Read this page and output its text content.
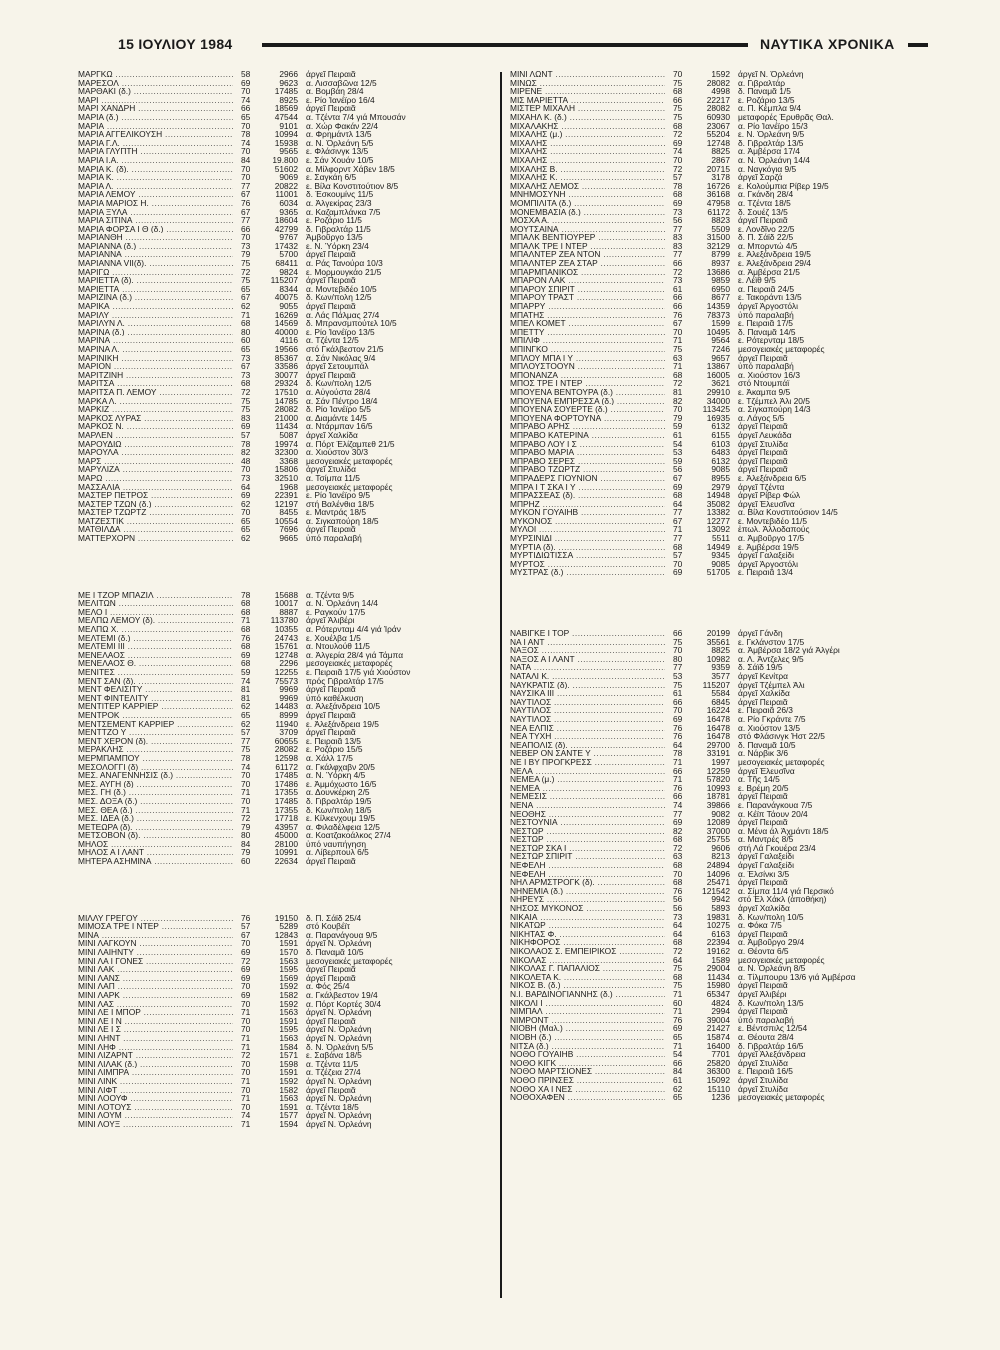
15 ΙΟΥΛΙΟΥ 1984	ΝΑΥΤΙΚΑ ΧΡΟΝΙΚΑ
ΜΑΡΓΚΩ .....	58	2966 άργεῖ Πειραιᾶ
ΜΑΡΕΣΟΛ .....	69	9623 α. Λισσαβῶνα 12/5
ΜΑΡΘΑΚΙ (δ.) .....	70	17485 α. Βομβάη 28/4
ΜΑΡΙ .....	74	8925 ε. Ρίο Ἰανέϊρο 16/4
ΜΑΡΙ ΧΑΝΔΡΗ .....	66	18569 άργεῖ Πειραιᾶ
ΜΑΡΙΑ (δ.) .....	65	47544 α. Τζέντα 7/4 γιά Μπουσάν
ΜΑΡΙΑ .....	70	9101 α. Χώρ Φακάν 22/4
ΜΑΡΙΑ ΑΓΓΕΛΙΚΟΥΣΗ .....	78	10994 α. Φρημάντλ 13/5
ΜΑΡΙΑ Γ.Λ. .....	74	15938 α. Ν. Ὀρλεάνη 5/5
ΜΑΡΙΑ ΓΛΥΠΤΗ .....	70	9565 ε. Φλάσινγκ 13/5
ΜΑΡΙΑ Ι.Α. .....	84	19.800 ε. Σάν Χουάν 10/5
ΜΑΡΙΑ Κ. (δ). .....	70	51602 α. Μίλφορντ Χάβεν 18/5
ΜΑΡΙΑ Κ. .....	70	9069 ε. Σαγκάη 6/5
ΜΑΡΙΑ Λ. .....	77	20822 ε. Βίλα Κονστιτούτιον 8/5
ΜΑΡΙΑ ΛΕΜΟΥ .....	67	11001 δ. Ἐσκουμίνς 11/5
ΜΑΡΙΑ ΜΑΡΙΟΣ Η. .....	76	6034 α. Ἀλγεκίρας 23/3
ΜΑΡΙΑ ΞΥΛΑ .....	67	9365 α. Καζαμπλάνκα 7/5
ΜΑΡΙΑ ΣΙΤΙΝΑ .....	77	18604 ε. Ροζάριο 11/5
ΜΑΡΙΑ ΦΟΡΣΑ Ι Θ (δ.) .....	66	42799 δ. Γιβραλτάρ 11/5
ΜΑΡΙΑΝΘΗ .....	70	9767 Ἀμβοῦργο 13/5
ΜΑΡΙΑΝΝΑ (δ.) .....	73	17432 ε. Ν. Ὑόρκη 23/4
ΜΑΡΙΑΝΝΑ .....	79	5700 άργεῖ Πειραιᾶ
ΜΑΡΙΑΝΝΑ VII(δ). .....	75	68411 α. Ράς Τανούρα 10/3
ΜΑΡΙΓΩ .....	72	9824 ε. Μορμουγκάο 21/5
ΜΑΡΙΕΤΤΑ (δ). .....	75	115207 άργεῖ Πειραιᾶ
ΜΑΡΙΕΤΤΑ .....	65	8344 α. Μοντεβιδέο 10/5
ΜΑΡΙΖΙΝΑ (δ.) .....	67	40075 δ. Κων/πολη 12/5
ΜΑΡΙΚΑ .....	62	9055 άργεῖ Πειραιᾶ
ΜΑΡΙΛΥ .....	71	16269 α. Λάς Πάλμας 27/4
ΜΑΡΙΛΥΝ Λ. .....	68	14569 δ. Μπρανσμπούτελ 10/5
ΜΑΡΙΝΑ (δ.) .....	80	40000 ε. Ρίο Ἰανέϊρο 13/5
ΜΑΡΙΝΑ .....	60	4116 α. Τζέντα 12/5
ΜΑΡΙΝΑ Λ. .....	65	19566 στό Γκάλβεστον 21/5
ΜΑΡΙΝΙΚΗ .....	73	85367 α. Σάν Νικόλας 9/4
ΜΑΡΙΟΝ .....	67	33586 άργεῖ Σετουμπάλ
ΜΑΡΙΤΖΙΝΗ .....	73	30077 άργεῖ Πειραιᾶ
ΜΑΡΙΤΣΑ .....	68	29324 δ. Κων/πολη 12/5
ΜΑΡΙΤΣΑ Π. ΛΕΜΟΥ .....	72	17510 α. Αὐγούστα 28/4
ΜΑΡΚΑ Λ. .....	75	14785 α. Σάν Πέντρο 18/4
ΜΑΡΚΙΖ .....	75	28082 δ. Ρίο Ἰανέϊρο 5/5
ΜΑΡΚΟΣ ΛΥΡΑΣ .....	83	21000 α. Διαμάντε 14/5
ΜΑΡΚΟΣ Ν. .....	69	11434 α. Ντάρμπαν 16/5
ΜΑΡΛΕΝ .....	57	5087 άργεῖ Χαλκίδα
ΜΑΡΟΥΔΙΩ .....	78	19974 α. Πόρτ Ἐλίζαμπεθ 21/5
ΜΑΡΟΥΛΑ .....	82	32300 α. Χιούστον 30/3
ΜΑΡΣ .....	48	3368 μεσογειακές μεταφορές
ΜΑΡΥΛΙΖΑ .....	70	15806 άργεῖ Στυλίδα
ΜΑΡΩ .....	73	32510 α. Τσίμπα 11/5
ΜΑΣΣΑΛΙΑ .....	64	1968 μεσογειακές μεταφορές
ΜΑΣΤΕΡ ΠΕΤΡΟΣ .....	69	22391 ε. Ρίο Ἰανέϊρο 9/5
ΜΑΣΤΕΡ ΤΖΩΝ (δ.) .....	62	12197 στή Βαλένθια 18/5
ΜΑΣΤΕΡ ΤΖΩΡΤΖ .....	70	8455 ε. Μαντράς 18/5
ΜΑΤΖΕΣΤΙΚ .....	65	10554 α. Σιγκαπούρη 18/5
ΜΑΤΘΙΛΔΑ .....	65	7696 άργεῖ Πειραιᾶ
ΜΑΤΤΕΡΧΟΡΝ .....	62	9665 ὑπό παραλαβή
ΜΕ Ι ΤΖΟΡ ΜΠΑΖΙΛ .....	78	15688 α. Τζέντα 9/5
ΜΕΛΙΤΩΝ .....	68	10017 α. Ν. Ὀρλεάνη 14/4
ΜΕΛΟ Ι .....	68	8887 ε. Ραγκούν 17/5
ΜΕΛΠΩ ΛΕΜΟΥ (δ). .....	71	113780 άργεῖ Ἀλιβέρι
ΜΕΛΠΩ Χ. .....	68	10355 α. Ρότερνταμ 4/4 γιά Ἰράν
ΜΕΛΤΕΜΙ (δ.) .....	76	24743 ε. Χουέλβα 1/5
ΜΕΛΤΕΜΙ ΙΙΙ .....	68	15761 α. Ντουλούθ 11/5
ΜΕΝΕΛΑΟΣ .....	69	12748 α. Ἀλγερία 28/4 γιά Τάμπα
ΜΕΝΕΛΑΟΣ Θ. .....	68	2296 μεσογειακές μεταφορές
ΜΕΝΙΤΕΣ .....	59	12255 ε. Πειραιᾶ 17/5 γιά Χιούστον
ΜΕΝΤ ΣΑΝ (δ). .....	74	75573 πρός Γιβραλτάρ 17/5
ΜΕΝΤ ΦΕΛΙΣΙΤΥ .....	81	9969 άργεῖ Πειραιᾶ
ΜΕΝΤ ΦΙΝΤΕΛΙΤΥ .....	81	9969 ὑπό καθέλκυση
ΜΕΝΤΙΤΕΡ ΚΑΡΡΙΕΡ .....	62	14483 α. Ἀλεξάνδρεια 10/5
ΜΕΝΤΡΟΚ .....	65	8999 άργεῖ Πειραιᾶ
ΜΕΝΤΣΕΜΕΝΤ ΚΑΡΡΙΕΡ .....	62	11940 ε. Ἀλεξάνδρεια 19/5
ΜΕΝΤΤΖΟ Υ .....	57	3709 άργεῖ Πειραιᾶ
ΜΕΝΤ ΧΕΡΟΝ (δ). .....	77	60655 ε. Πειραιᾶ 13/5
ΜΕΡΑΚΛΗΣ .....	75	28082 ε. Ροζάριο 15/5
ΜΕΡΜΠΑΜΠΟΥ .....	78	12598 α. Χάλλ 17/5
ΜΕΣΟΛΟΓΓΙ (δ) .....	74	61172 α. Γκάλφχαβν 20/5
ΜΕΣ. ΑΝΑΓΕΝΝΗΣΙΣ (δ.) .....	70	17485 α. Ν. Ὑόρκη 4/5
ΜΕΣ. ΑΥΓΗ (δ) .....	70	17486 ε. Ἀμμόχωστο 16/5
ΜΕΣ. ΓΗ (δ.) .....	71	17355 α. Δουνκέρκη 2/5
ΜΕΣ. ΔΟΞΑ (δ.) .....	70	17485 δ. Γιβραλτάρ 19/5
ΜΕΣ. ΘΕΑ (δ.) .....	71	17355 δ. Κων/πολη 18/5
ΜΕΣ. ΙΔΕΑ (δ.) .....	72	17718 ε. Κίλκενχουμ 19/5
ΜΕΤΕΩΡΑ (δ). .....	79	43957 α. Φιλαδέλφεια 12/5
ΜΕΤΣΟΒΟΝ (δ). .....	80	45000 α. Κοατζακοάλκος 27/4
ΜΗΛΟΣ .....	84	28100 ὑπό ναυπήγηση
ΜΗΛΟΣ Α Ι ΛΑΝΤ .....	79	10991 α. Λίβερπουλ 6/5
ΜΗΤΕΡΑ ΑΣΗΜΙΝΑ .....	60	22634 άργεῖ Πειραιᾶ
ΜΙΛΛΥ ΓΡΕΓΟΥ .....	76	19150 δ. Π. Σάϊδ 25/4
ΜΙΜΟΣΑ ΤΡΕ Ι ΝΤΕΡ .....	57	5289 στό Κουβέϊτ
ΜΙΝΑ .....	67	12843 α. Παρανάγουα 9/5
ΜΙΝΙ ΛΑΓΚΟΥΝ .....	70	1591 άργεῖ Ν. Ὀρλεάνη
ΜΙΝΙ ΛΑΙΗΝΤΥ .....	69	1570 δ. Παναμᾶ 10/5
ΜΙΝΙ ΛΑ Ι ΓΟΝΕΣ .....	72	1563 μεσογειακές μεταφορές
ΜΙΝΙ ΛΑΚ .....	69	1595 άργεῖ Πειραιᾶ
ΜΙΝΙ ΛΑΝΣ .....	69	1569 άργεῖ Πειραιᾶ
ΜΙΝΙ ΛΑΠ .....	70	1592 α. Φός 25/4
ΜΙΝΙ ΛΑΡΚ .....	69	1582 α. Γκάλβεστον 19/4
ΜΙΝΙ ΛΑΣ .....	70	1592 α. Πόρτ Κορτές 30/4
ΜΙΝΙ ΛΕ Ι ΜΠΟΡ .....	71	1563 άργεῖ Ν. Ὀρλεάνη
ΜΙΝΙ ΛΕ Ι Ν .....	70	1591 άργεῖ Πειραιᾶ
ΜΙΝΙ ΛΕ Ι Σ .....	70	1595 άργεῖ Ν. Ὀρλεάνη
ΜΙΝΙ ΛΗΝΤ .....	71	1563 άργεῖ Ν. Ὀρλεάνη
ΜΙΝΙ ΛΗΦ .....	71	1584 δ. Ν. Ὀρλεάνη 5/5
ΜΙΝΙ ΛΙΖΑΡΝΤ .....	72	1571 ε. Σαβάνα 18/5
ΜΙΝΙ ΛΙΛΑΚ (δ.) .....	70	1598 α. Τζέντα 11/5
ΜΙΝΙ ΛΙΜΠΡΑ .....	70	1591 α. Τζέζεια 27/4
ΜΙΝΙ ΛΙΝΚ .....	71	1592 άργεῖ Ν. Ὀρλεάνη
ΜΙΝΙ ΛΙΦΤ .....	70	1582 άργεῖ Πειραιᾶ
ΜΙΝΙ ΛΟΟΥΦ .....	71	1563 άργεῖ Ν. Ὀρλεάνη
ΜΙΝΙ ΛΟΤΟΥΣ .....	70	1591 α. Τζέντα 18/5
ΜΙΝΙ ΛΟΥΜ .....	74	1577 άργεῖ Ν. Ὀρλεάνη
ΜΙΝΙ ΛΟΥΞ .....	71	1594 άργεῖ Ν. Ὀρλεάνη
ΜΙΝΙ ΛΩΝΤ .....	70	1592 άργεῖ Ν. Ὀρλεάνη
ΜΙΝΩΣ .....	75	28082 α. Γιβραλτάρ
ΜΙΡΕΝΕ .....	68	4998 δ. Παναμᾶ 1/5
ΜΙΣ ΜΑΡΙΕΤΤΑ .....	66	22217 ε. Ροζάριο 13/5
ΜΙΣΤΕΡ ΜΙΧΑΛΗ .....	75	28082 α. Π. Κέμπλα 9/4
ΜΙΧΑΗΛ Κ. (δ.) .....	75	60930 μεταφορές Ἐρυθρᾶς Θαλ.
ΜΙΧΑΛΑΚΗΣ .....	68	23067 α. Ρίο Ἰανέϊρο 15/3
ΜΙΧΑΛΗΣ (μ.) .....	72	55204 ε. Ν. Ὀρλεάνη 9/5
ΜΙΧΑΛΗΣ .....	69	12748 δ. Γιβραλτάρ 13/5
ΜΙΧΑΛΗΣ .....	74	8825 α. Ἀμβέρσα 17/4
ΜΙΧΑΛΗΣ .....	70	2867 α. Ν. Ὀρλεάνη 14/4
ΜΙΧΑΛΗΣ Β. .....	72	20715 α. Ναγκόγια 9/5
ΜΙΧΑΛΗΣ Κ. .....	57	3178 άργεῖ Σαρζά
ΜΙΧΑΛΗΣ ΛΕΜΟΣ .....	78	16726 ε. Κολούμπια Ρίβερ 19/5
ΜΝΗΜΟΣΥΝΗ .....	68	36168 α. Γκάνδη 28/4
ΜΟΜΠΙΛΙΤΑ (δ.) .....	69	47958 α. Τζέντα 18/5
ΜΟΝΕΜΒΑΣΙΑ (δ.) .....	73	61172 δ. Σουέζ 13/5
ΜΟΣΧΑ Α. .....	56	8823 άργεῖ Πειραιᾶ
ΜΟΥΤΣΑΙΝΑ .....	77	5509 ε. Λονδῖνο 22/5
ΜΠΑΛΚ ΒΕΝΤΙΟΥΡΕΡ .....	83	31500 δ. Π. Σάϊδ 22/5
ΜΠΑΛΚ ΤΡΕ Ι ΝΤΕΡ .....	83	32129 α. Μπορντώ 4/5
ΜΠΑΛΝΤΕΡ ΖΕΑ ΝΤΟΝ .....	77	8799 ε. Ἀλεξάνδρεια 19/5
ΜΠΑΛΝΤΕΡ ΖΕΑ ΣΤΑΡ .....	66	8937 ε. Ἀλεξάνδρεια 29/4
ΜΠΑΡΜΠΑΝΙΚΟΣ .....	72	13686 α. Ἀμβέρσα 21/5
ΜΠΑΡΟΝ ΛΑΚ .....	73	9859 ε. Λέϊθ 9/5
ΜΠΑΡΟΥ ΣΠΙΡΙΤ .....	61	6950 α. Πειραιᾶ 24/5
ΜΠΑΡΟΥ ΤΡΑΣΤ .....	66	8677 ε. Τακοράντι 13/5
ΜΠΑΡΡΥ .....	66	14359 άργεῖ Ἀργοστόλι
ΜΠΑΤΗΣ .....	76	78373 ὑπό παραλαβή
ΜΠΕΛ ΚΟΜΕΤ .....	67	1599 ε. Πειραιᾶ 17/5
ΜΠΕΤΤΥ .....	70	10495 δ. Παναμᾶ 14/5
ΜΠΙΛΙΦ .....	71	9564 ε. Ρότερνταμ 18/5
ΜΠΙΝΓΚΟ .....	75	7246 μεσογειακές μεταφορές
ΜΠΛΟΥ ΜΠΑ Ι Υ .....	63	9657 άργεῖ Πειραιᾶ
ΜΠΛΟΥΣΤΟΟΥΝ .....	71	13867 ὑπό παραλαβή
ΜΠΟΝΑΝΖΑ .....	68	16005 α. Χιούστον 16/3
ΜΠΟΣ ΤΡΕ Ι ΝΤΕΡ .....	72	3621 στό Ντουμπάϊ
ΜΠΟΥΕΝΑ ΒΕΝΤΟΥΡΑ (δ.) .....	81	29910 ε. Ἀκαμπα 9/5
ΜΠΟΥΕΝΑ ΕΜΠΡΕΣΣΑ (δ.) .....	82	34000 ε. Τζέμπελ Ἀλι 20/5
ΜΠΟΥΕΝΑ ΣΟΥΕΡΤΕ (δ.) .....	70	113425 α. Σιγκαπούρη 14/3
ΜΠΟΥΕΝΑ ΦΟΡΤΟΥΝΑ .....	79	16935 α. Λάγος 5/5
ΜΠΡΑΒΟ ΑΡΗΣ .....	59	6132 άργεῖ Πειραιᾶ
ΜΠΡΑΒΟ ΚΑΤΕΡΙΝΑ .....	61	6155 άργεῖ Λευκάδα
ΜΠΡΑΒΟ ΛΟΥ Ι Σ .....	54	6103 άργεῖ Στυλίδα
ΜΠΡΑΒΟ ΜΑΡΙΑ .....	53	6483 άργεῖ Πειραιᾶ
ΜΠΡΑΒΟ ΣΕΡΕΣ .....	59	6132 άργεῖ Πειραιᾶ
ΜΠΡΑΒΟ ΤΖΩΡΤΖ .....	56	9085 άργεῖ Πειραιᾶ
ΜΠΡΑΔΕΡΣ ΓΙΟΥΝΙΟΝ .....	67	8955 ε. Ἀλεξάνδρεια 6/5
ΜΠΡΑ Ι Τ ΣΚΑ Ι Υ .....	69	2979 άργεῖ Τζέντα
ΜΠΡΑΣΣΕΑΣ (δ). .....	68	14948 άργεῖ Ρίβερ Φώλ
ΜΠΡΗΖ .....	64	35082 άργεῖ Ἐλευσῖνα
ΜΥΚΟΝ ΓΟΥΑΙΗΒ .....	77	13382 α. Βίλα Κονστιτούσιον 14/5
ΜΥΚΟΝΟΣ .....	67	12277 ε. Μοντεβιδέο 11/5
ΜΥΛΟΙ .....	71	13092 ἐπωλ. Ἀλλοδαπούς
ΜΥΡΣΙΝΙΔΙ .....	77	5511 α. Ἀμβοῦργο 17/5
ΜΥΡΤΙΑ (δ). .....	68	14949 ε. Ἀμβέρσα 19/5
ΜΥΡΤΙΔΙΩΤΙΣΣΑ .....	57	9345 άργεῖ Γαλαξείδι
ΜΥΡΤΟΣ .....	70	9085 άργεῖ Ἀργοστόλι
ΜΥΣΤΡΑΣ (δ.) .....	69	51705 ε. Πειραιᾶ 13/4
ΝΑΒΙΓΚΕ Ι ΤΟΡ .....	66	20199 άργεῖ Γάνδη
ΝΑ Ι ΑΝΤ .....	75	35561 ε. Γκλάνστον 17/5
ΝΑΞΟΣ .....	70	8825 α. Ἀμβέρσα 18/2 γιά Ἀλγέρι
ΝΑΞΟΣ Α Ι ΛΑΝΤ .....	80	10982 α. Λ. Ἀντζελες 9/5
ΝΑΤΑ .....	77	9359 δ. Σάϊδ 19/5
ΝΑΤΑΛΙ Κ. .....	53	3577 άργεῖ Κενίτρα
ΝΑΥΚΡΑΤΙΣ (δ). .....	75	115207 άργεῖ Τζέμπελ Ἀλι
ΝΑΥΣΙΚΑ ΙΙΙ .....	61	5584 άργεῖ Χαλκίδα
ΝΑΥΤΙΛΟΣ .....	66	6845 άργεῖ Πειραιᾶ
ΝΑΥΤΙΛΟΣ .....	70	16224 ε. Πειραιᾶ 26/3
ΝΑΥΤΙΛΟΣ .....	69	16478 α. Ρίο Γκράντε 7/5
ΝΕΑ ΕΛΠΙΣ .....	76	16478 α. Χιούστον 13/5
ΝΕΑ ΤΥΧΗ .....	76	16478 στό Φλάσινγκ Ἡστ 22/5
ΝΕΑΠΟΛΙΣ (δ). .....	64	29700 δ. Παναμᾶ 10/5
ΝΕΒΕΡ ΟΝ ΣΑΝΤΕ Υ .....	78	33191 α. Νάρβικ 3/6
ΝΕ Ι ΒΥ ΠΡΟΓΚΡΕΣΣ .....	71	1997 μεσογειακές μεταφορές
ΝΕΛΑ .....	66	12259 άργεῖ Ἐλευσῖνα
ΝΕΜΕΑ (μ.) .....	71	57820 α. Τῆς 14/5
ΝΕΜΕΑ .....	76	10993 ε. Βρέμη 20/5
ΝΕΜΕΣΙΣ .....	66	18781 άργεῖ Πειραιᾶ
ΝΕΝΑ .....	74	39866 ε. Παρανάγκουα 7/5
ΝΕΟΘΗΣ .....	77	9082 α. Κέϊπ Τάουν 20/4
ΝΕΣΤΟΥΝΙΑ .....	69	12089 άργεῖ Πειραιᾶ
ΝΕΣΤΩΡ .....	82	37000 α. Μένα άλ Ἀχμάντι 18/5
ΝΕΣΤΩΡ .....	68	25755 α. Μαντρές 8/5
ΝΕΣΤΩΡ ΣΚΑ Ι .....	72	9606 στή Λά Γκουέρα 23/4
ΝΕΣΤΩΡ ΣΠΙΡΙΤ .....	63	8213 άργεῖ Γαλαξείδι
ΝΕΦΕΛΗ .....	68	24894 άργεῖ Γαλαξείδι
ΝΕΦΕΛΗ .....	70	14096 α. Ἐλσίνκι 3/5
ΝΗΛ ΑΡΜΣΤΡΟΓΚ (δ). .....	68	25471 άργεῖ Πειραιᾶ
ΝΗΝΕΜΙΑ (δ.) .....	76	121542 α. Σίμπα 11/4 γιά Περσικό
ΝΗΡΕΥΣ .....	56	9942 στό Ἐλ Χάκλ (ἀποθήκη)
ΝΗΣΟΣ ΜΥΚΟΝΟΣ .....	56	5893 άργεῖ Χαλκίδα
ΝΙΚΑΙΑ .....	73	19831 δ. Κων/πολη 10/5
ΝΙΚΑΤΩΡ .....	64	10275 α. Φόκα 7/5
ΝΙΚΗΤΑΣ Φ. .....	64	6163 άργεῖ Πειραιᾶ
ΝΙΚΗΦΟΡΟΣ .....	68	22394 α. Ἀμβοῦργο 29/4
ΝΙΚΟΛΑΟΣ Σ. ΕΜΠΕΙΡΙΚΟΣ .....	72	19162 α. Θέοντα 6/5
ΝΙΚΟΛΑΣ .....	64	1589 μεσογειακές μεταφορές
ΝΙΚΟΛΑΣ Γ. ΠΑΠΑΛΙΟΣ .....	75	29004 α. Ν. Ὀρλεάνη 8/5
ΝΙΚΟΛΕΤΑ Κ. .....	68	11434 α. Τίλμπουρυ 13/6 γιά Ἀμβέρσα
ΝΙΚΟΣ Β. (δ.) .....	75	15980 άργεῖ Πειραιᾶ
Ν.Ι. ΒΑΡΔΙΝΟΓΙΑΝΝΗΣ (δ.) .....	71	65347 άργεῖ Ἀλιβέρι
ΝΙΚΟΛΙ Ι .....	60	4824 δ. Κων/πολη 13/5
ΝΙΜΠΑΛ .....	71	2994 άργεῖ Πειραιᾶ
ΝΙΜΡΟΝΤ .....	76	39004 ὑπό παραλαβή
ΝΙΟΒΗ (Μαλ.) .....	69	21427 ε. Βέντσπιλς 12/54
ΝΙΟΒΗ (δ.) .....	65	15874 α. Θέουτα 28/4
ΝΙΤΣΑ (δ.) .....	71	16400 δ. Γιβραλτάρ 16/5
ΝΟΘΟ ΓΟΥΑΙΗΒ .....	54	7701 άργεῖ Ἀλεξάνδρεια
ΝΟΘΟ ΚΙΓΚ .....	66	25820 άργεῖ Στυλίδα
ΝΟΘΟ ΜΑΡΤΣΙΟΝΕΣ .....	84	36300 ε. Πειραιᾶ 16/5
ΝΟΘΟ ΠΡΙΝΣΕΣ .....	61	15092 άργεῖ Στυλίδα
ΝΟΘΟ ΧΑ Ι ΝΕΣ .....	62	15110 άργεῖ Στυλίδα
ΝΟΘΟΧΑΦΕΝ .....	65	1236 μεσογειακές μεταφορές
